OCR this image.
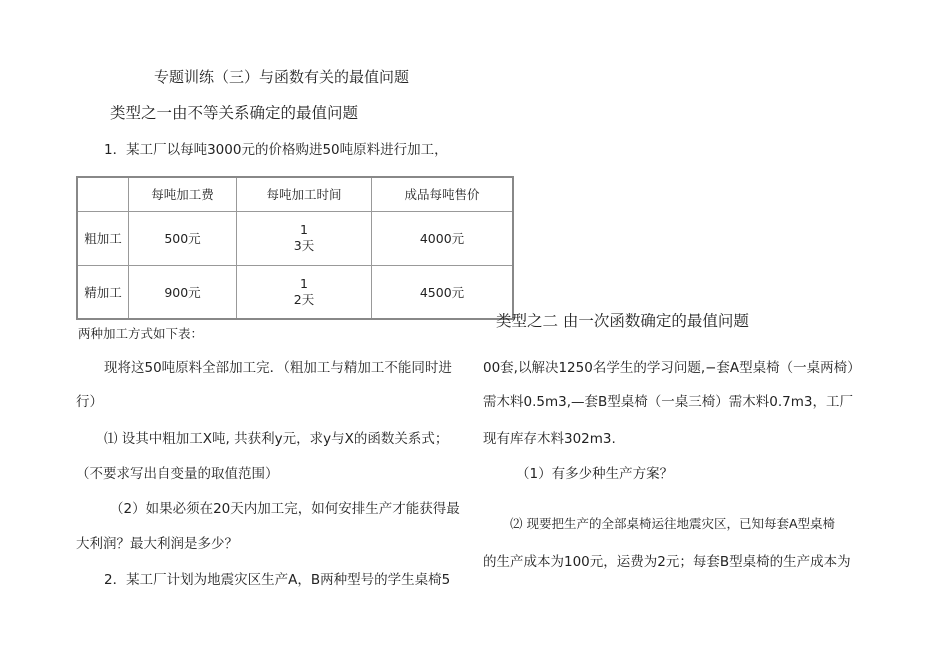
专题训练（三）与函数有关的最值问题
类型之一由不等关系确定的最值问题
1．某工厂以每吨3000元的价格购进50吨原料进行加工，
	每吨加工费	每吨加工时间	成品每吨售价
粗加工	500元	1
3天	4000元
精加工	900元	1
2天	4500元
两种加工方式如下表：
现将这50吨原料全部加工完．（粗加工与精加工不能同时进
行）
⑴ 设其中粗加工X吨, 共获利y元，求y与X的函数关系式；
（不要求写出自变量的取值范围）
（2）如果必须在20天内加工完，如何安排生产才能获得最
大利润？最大利润是多少？
2．某工厂计划为地震灾区生产A，B两种型号的学生桌椅5
类型之二 由一次函数确定的最值问题
00套,以解决1250名学生的学习问题,−套A型桌椅（一桌两椅）
需木料0.5m3,—套B型桌椅（一桌三椅）需木料0.7m3，工厂
现有库存木料302m3.
（1）有多少种生产方案？
⑵ 现要把生产的全部桌椅运往地震灾区，已知每套A型桌椅
的生产成本为100元，运费为2元；每套B型桌椅的生产成本为
